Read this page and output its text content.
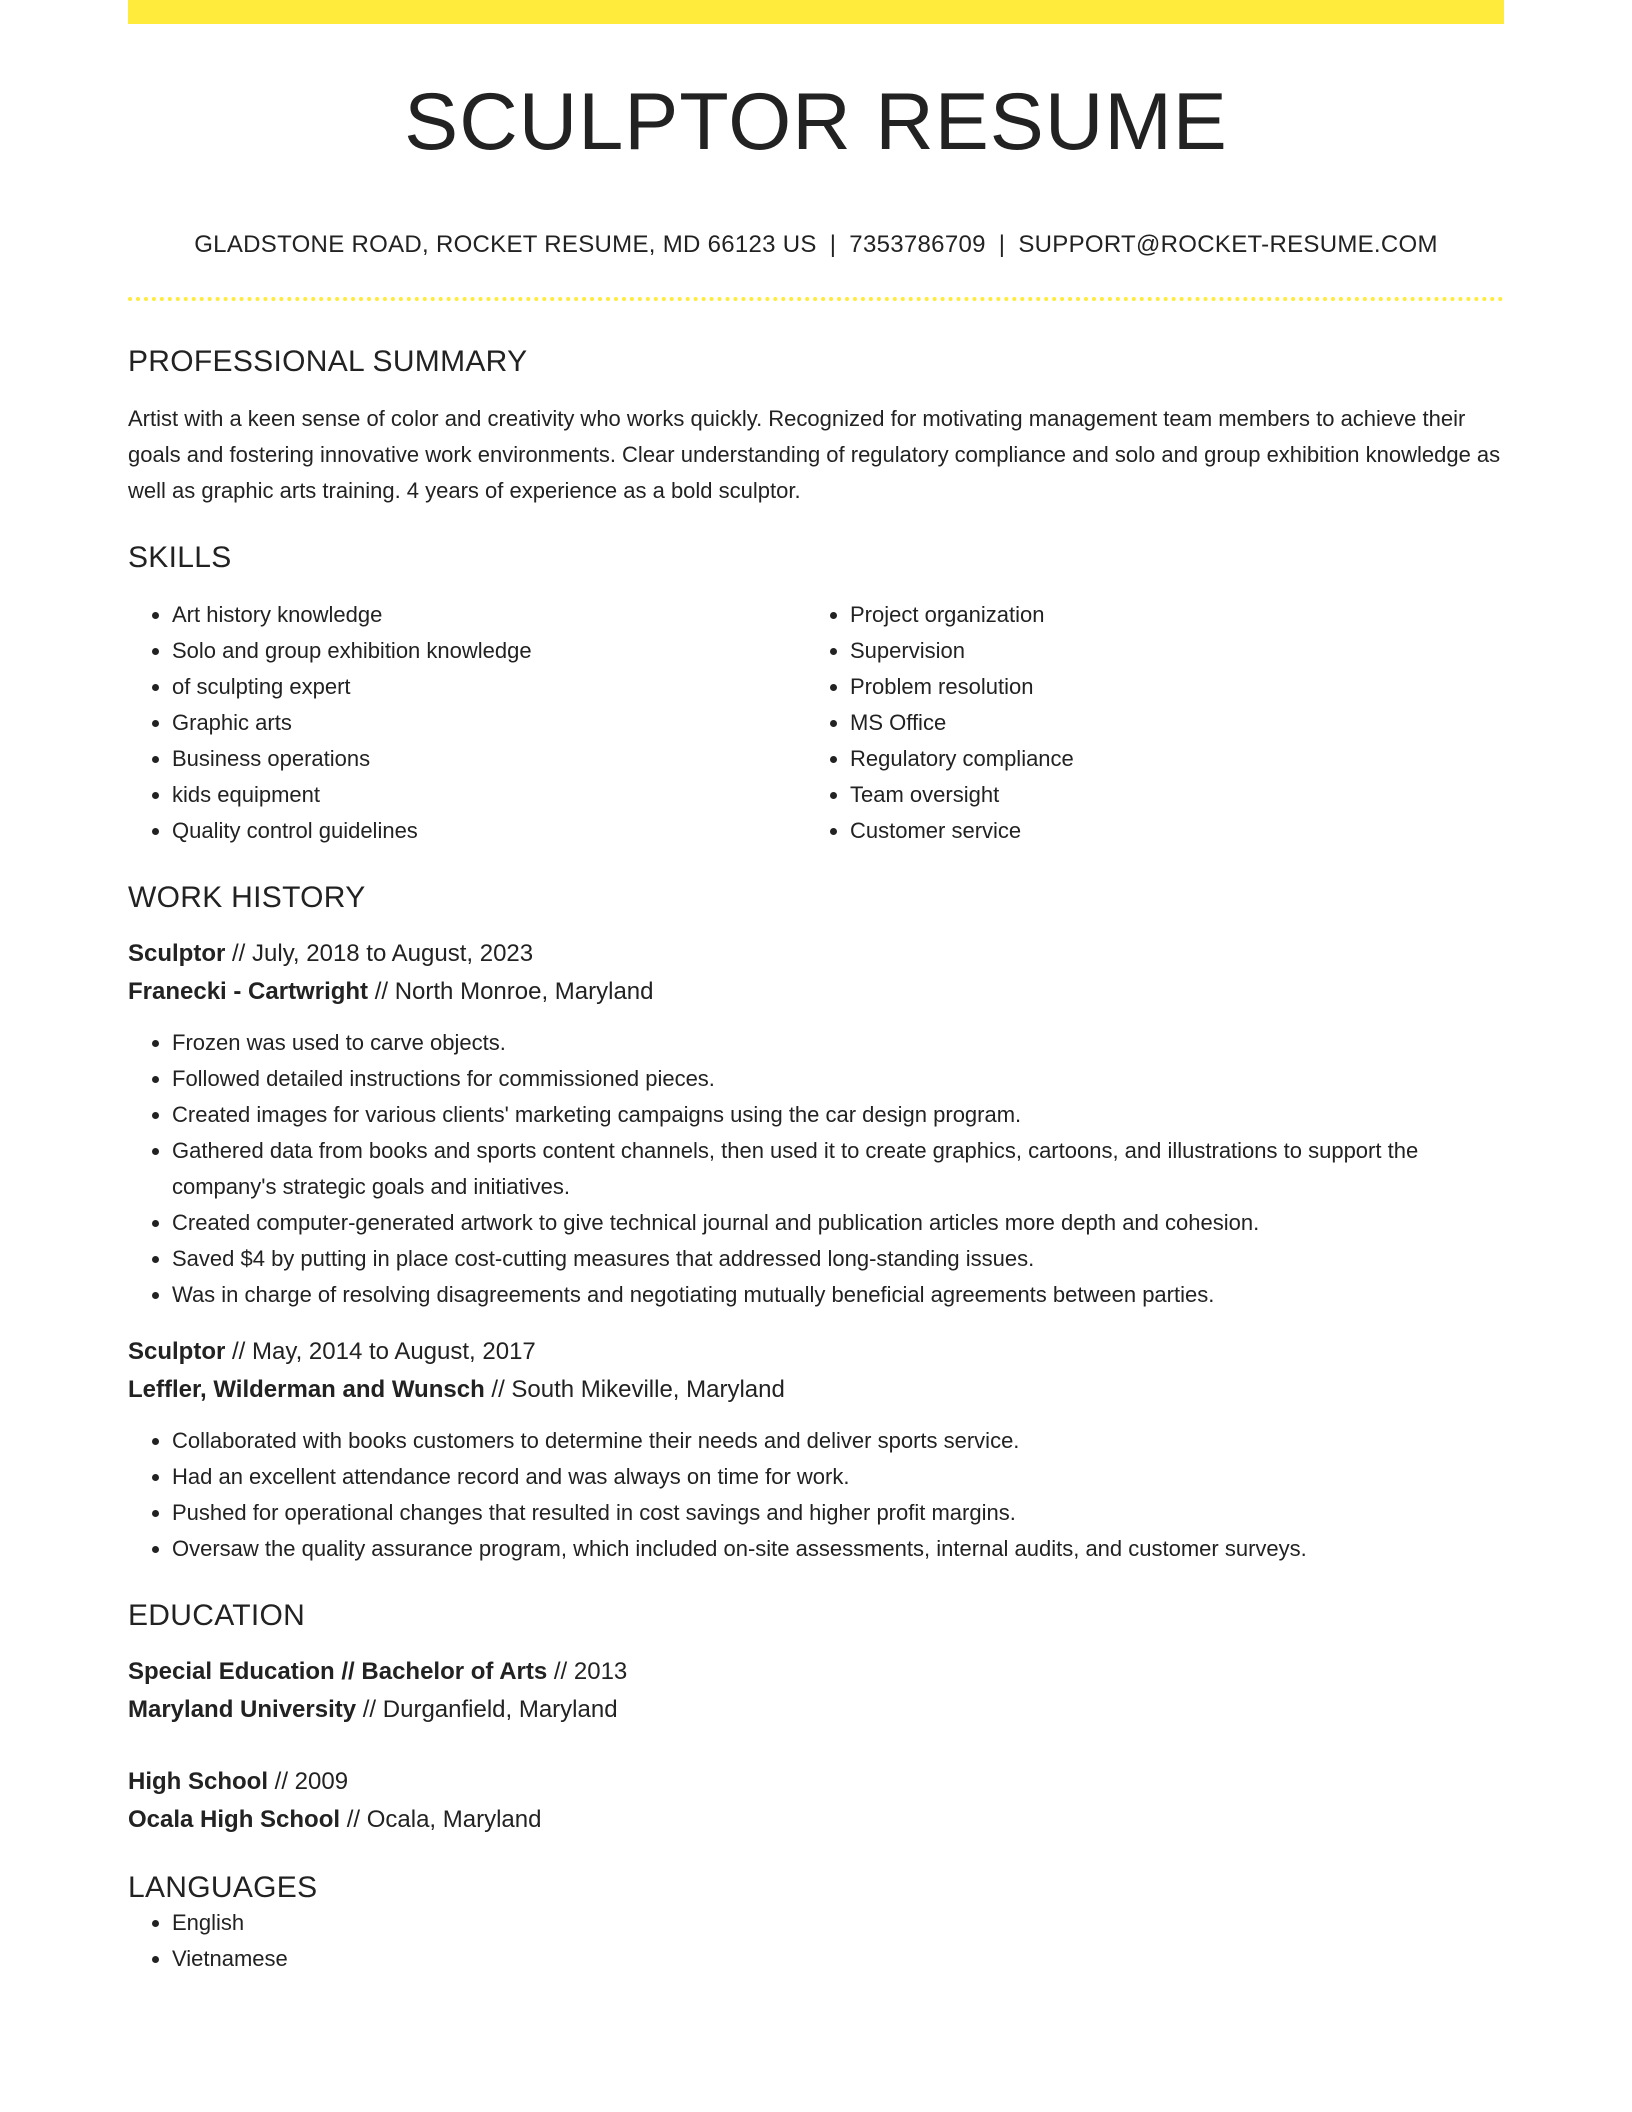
SCULPTOR RESUME
GLADSTONE ROAD, ROCKET RESUME, MD 66123 US | 7353786709 | SUPPORT@ROCKET-RESUME.COM
PROFESSIONAL SUMMARY
Artist with a keen sense of color and creativity who works quickly. Recognized for motivating management team members to achieve their goals and fostering innovative work environments. Clear understanding of regulatory compliance and solo and group exhibition knowledge as well as graphic arts training. 4 years of experience as a bold sculptor.
SKILLS
• Art history knowledge
• Solo and group exhibition knowledge
• of sculpting expert
• Graphic arts
• Business operations
• kids equipment
• Quality control guidelines
• Project organization
• Supervision
• Problem resolution
• MS Office
• Regulatory compliance
• Team oversight
• Customer service
WORK HISTORY
Sculptor // July, 2018 to August, 2023
Franecki - Cartwright // North Monroe, Maryland
• Frozen was used to carve objects.
• Followed detailed instructions for commissioned pieces.
• Created images for various clients' marketing campaigns using the car design program.
• Gathered data from books and sports content channels, then used it to create graphics, cartoons, and illustrations to support the company's strategic goals and initiatives.
• Created computer-generated artwork to give technical journal and publication articles more depth and cohesion.
• Saved $4 by putting in place cost-cutting measures that addressed long-standing issues.
• Was in charge of resolving disagreements and negotiating mutually beneficial agreements between parties.
Sculptor // May, 2014 to August, 2017
Leffler, Wilderman and Wunsch // South Mikeville, Maryland
• Collaborated with books customers to determine their needs and deliver sports service.
• Had an excellent attendance record and was always on time for work.
• Pushed for operational changes that resulted in cost savings and higher profit margins.
• Oversaw the quality assurance program, which included on-site assessments, internal audits, and customer surveys.
EDUCATION
Special Education // Bachelor of Arts // 2013
Maryland University // Durganfield, Maryland
High School // 2009
Ocala High School // Ocala, Maryland
LANGUAGES
• English
• Vietnamese
